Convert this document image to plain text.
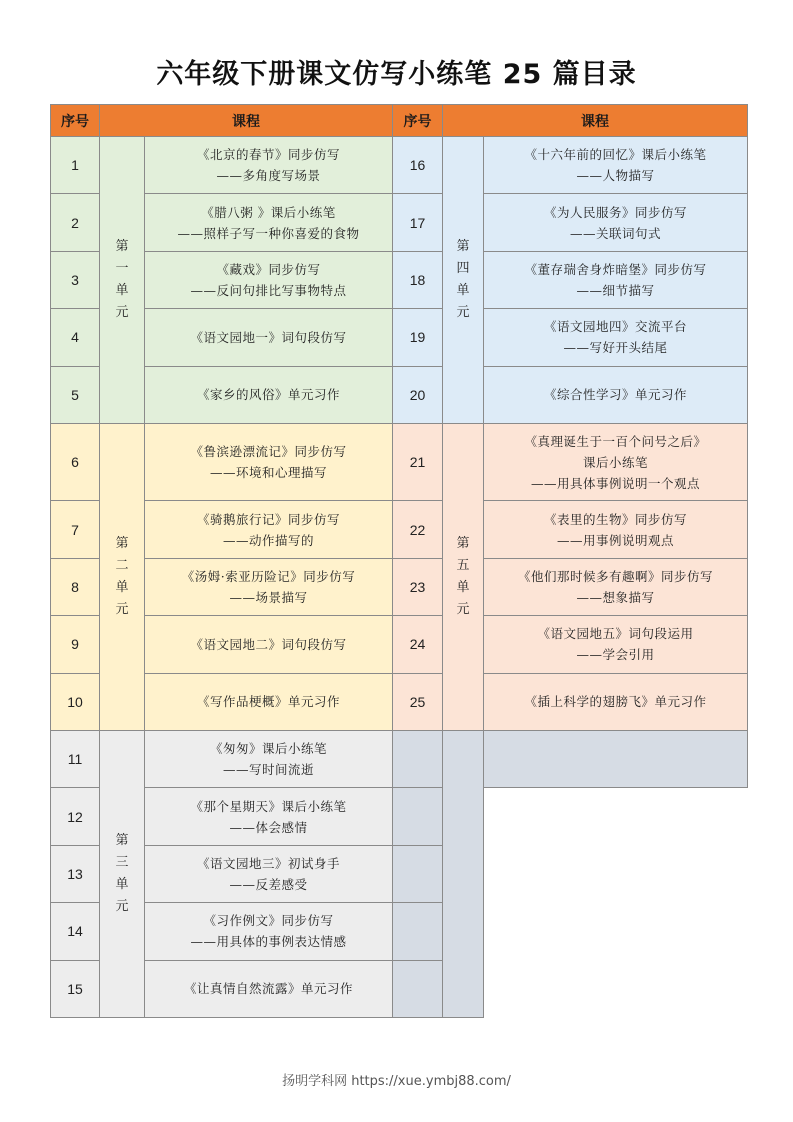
六年级下册课文仿写小练笔 25 篇目录
序号	课程		序号	课程	
1	第
一
单
元	《北京的春节》同步仿写
——多角度写场景	16	第
四
单
元	《十六年前的回忆》课后小练笔
——人物描写

2		《腊八粥 》课后小练笔
——照样子写一种你喜爱的食物	17		《为人民服务》同步仿写
——关联词句式

3		《藏戏》同步仿写
——反问句排比写事物特点	18		《董存瑞舍身炸暗堡》同步仿写
——细节描写

4		《语文园地一》词句段仿写	19		《语文园地四》交流平台
——写好开头结尾

5		《家乡的风俗》单元习作	20		《综合性学习》单元习作

6	第
二
单
元	《鲁滨逊漂流记》同步仿写
——环境和心理描写	21	第
五
单
元	《真理诞生于一百个问号之后》
课后小练笔
——用具体事例说明一个观点

7		《骑鹅旅行记》同步仿写
——动作描写的	22		《表里的生物》同步仿写
——用事例说明观点

8		《汤姆·索亚历险记》同步仿写
——场景描写	23		《他们那时候多有趣啊》同步仿写
——想象描写

9		《语文园地二》词句段仿写	24		《语文园地五》词句段运用
——学会引用

10		《写作品梗概》单元习作	25		《插上科学的翅膀飞》单元习作

11	第
三
单
元	《匆匆》课后小练笔
——写时间流逝			

12		《那个星期天》课后小练笔
——体会感情			

13		《语文园地三》初试身手
——反差感受			

14		《习作例文》同步仿写
——用具体的事例表达情感			

15		《让真情自然流露》单元习作			

扬明学科网 https://xue.ymbj88.com/
